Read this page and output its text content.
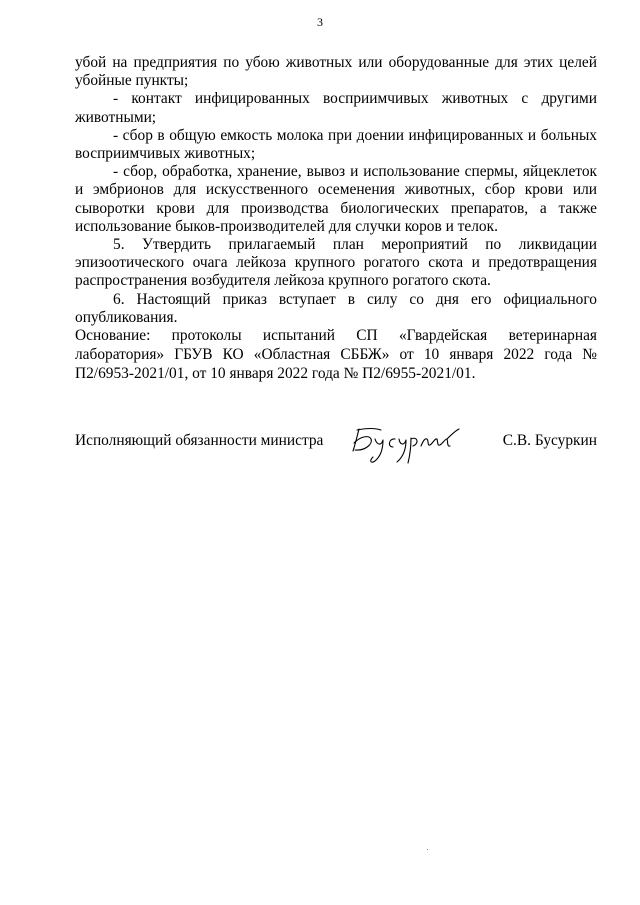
3

убой на предприятия по убою животных или оборудованные для этих целей убойные пункты;

- контакт инфицированных восприимчивых животных с другими животными;

- сбор в общую емкость молока при доении инфицированных и больных восприимчивых животных;

- сбор, обработка, хранение, вывоз и использование спермы, яйцеклеток и эмбрионов для искусственного осеменения животных, сбор крови или сыворотки крови для производства биологических препаратов, а также использование быков-производителей для случки коров и телок.

5. Утвердить прилагаемый план мероприятий по ликвидации эпизоотического очага лейкоза крупного рогатого скота и предотвращения распространения возбудителя лейкоза крупного рогатого скота.

6. Настоящий приказ вступает в силу со дня его официального опубликования.

Основание: протоколы испытаний СП «Гвардейская ветеринарная лаборатория» ГБУВ КО «Областная СББЖ» от 10 января 2022 года № П2/6953-2021/01, от 10 января 2022 года № П2/6955-2021/01.

Исполняющий обязанности министра	С.В. Бусуркин
